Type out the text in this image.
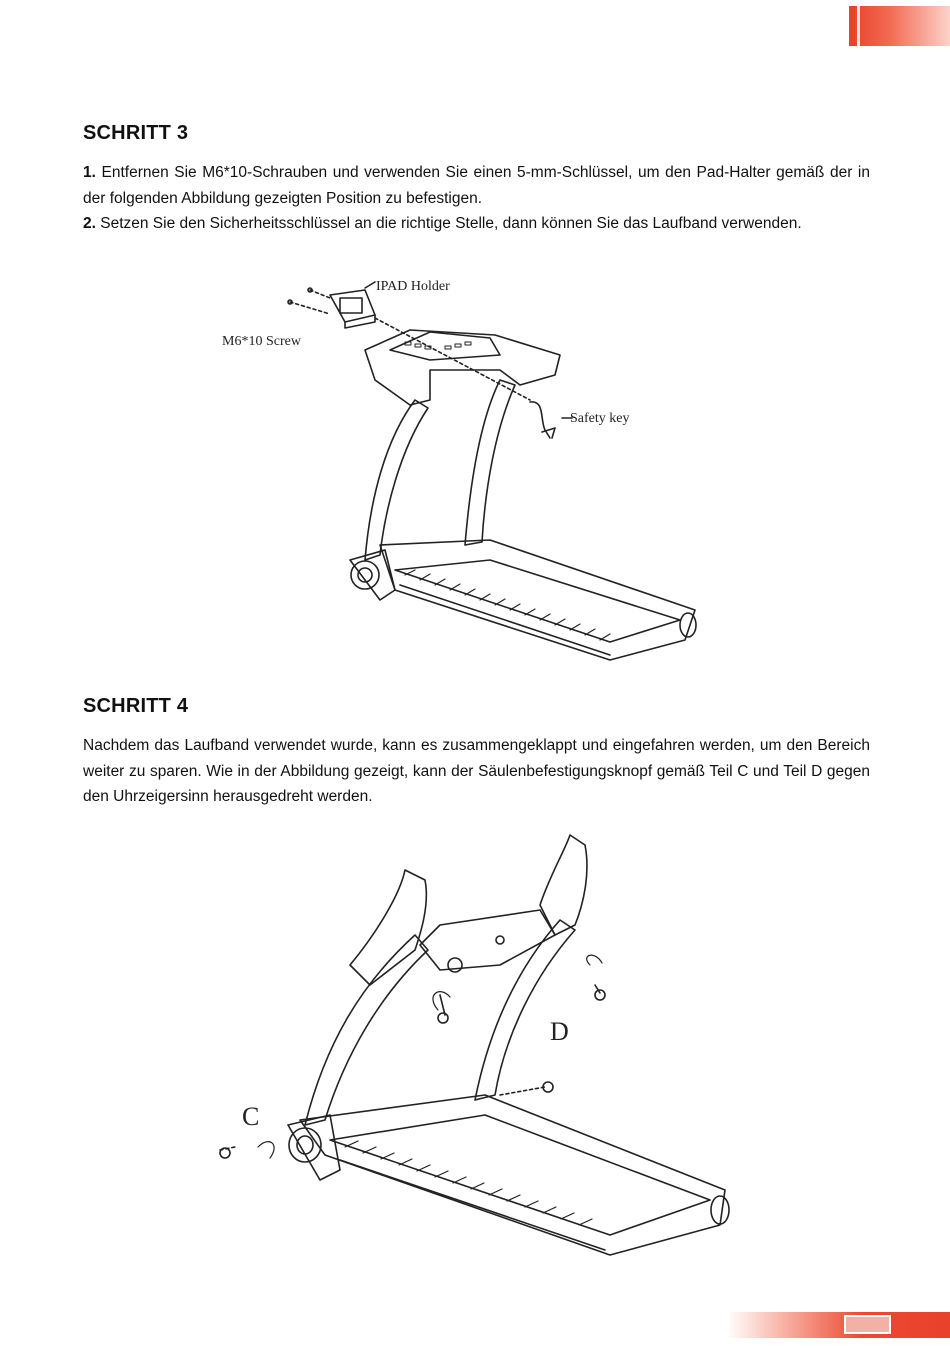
SCHRITT 3

1. Entfernen Sie M6*10-Schrauben und verwenden Sie einen 5-mm-Schlüssel, um den Pad-Halter gemäß der in der folgenden Abbildung gezeigten Position zu befestigen.
2. Setzen Sie den Sicherheitsschlüssel an die richtige Stelle, dann können Sie das Laufband verwenden.

IPAD Holder
M6*10 Screw
Safety key
SCHRITT 4

Nachdem das Laufband verwendet wurde, kann es zusammengeklappt und eingefahren werden, um den Bereich weiter zu sparen. Wie in der Abbildung gezeigt, kann der Säulenbefestigungsknopf gemäß Teil C und Teil D gegen den Uhrzeigersinn herausgedreht werden.

C
D
